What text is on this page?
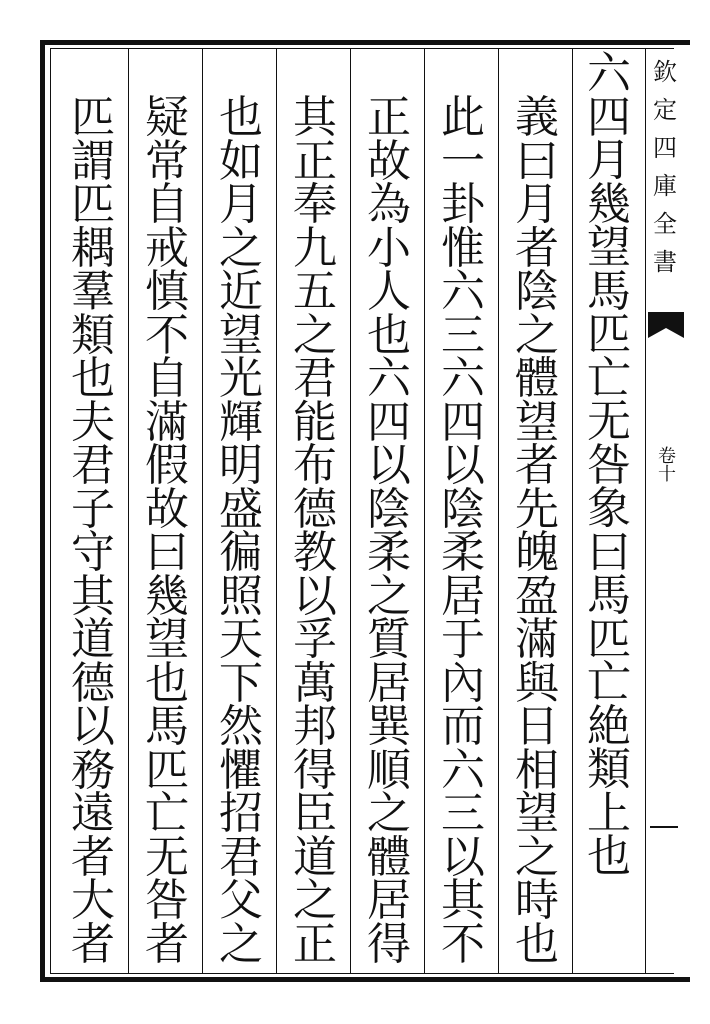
六
四
月
幾
望
馬
匹
亡
无
咎
象
曰
馬
匹
亡
絶
類
上
也
義
曰
月
者
陰
之
體
望
者
先
魄
盈
滿
與
日
相
望
之
時
也
此
一
卦
惟
六
三
六
四
以
陰
柔
居
于
內
而
六
三
以
其
不
正
故
為
小
人
也
六
四
以
陰
柔
之
質
居
巽
順
之
體
居
得
其
正
奉
九
五
之
君
能
布
德
教
以
孚
萬
邦
得
臣
道
之
正
也
如
月
之
近
望
光
輝
明
盛
徧
照
天
下
然
懼
招
君
父
之
疑
常
自
戒
慎
不
自
滿
假
故
曰
幾
望
也
馬
匹
亡
无
咎
者
匹
謂
匹
耦
羣
類
也
夫
君
子
守
其
道
德
以
務
遠
者
大
者
欽
定
四
庫
全
書
卷
十
